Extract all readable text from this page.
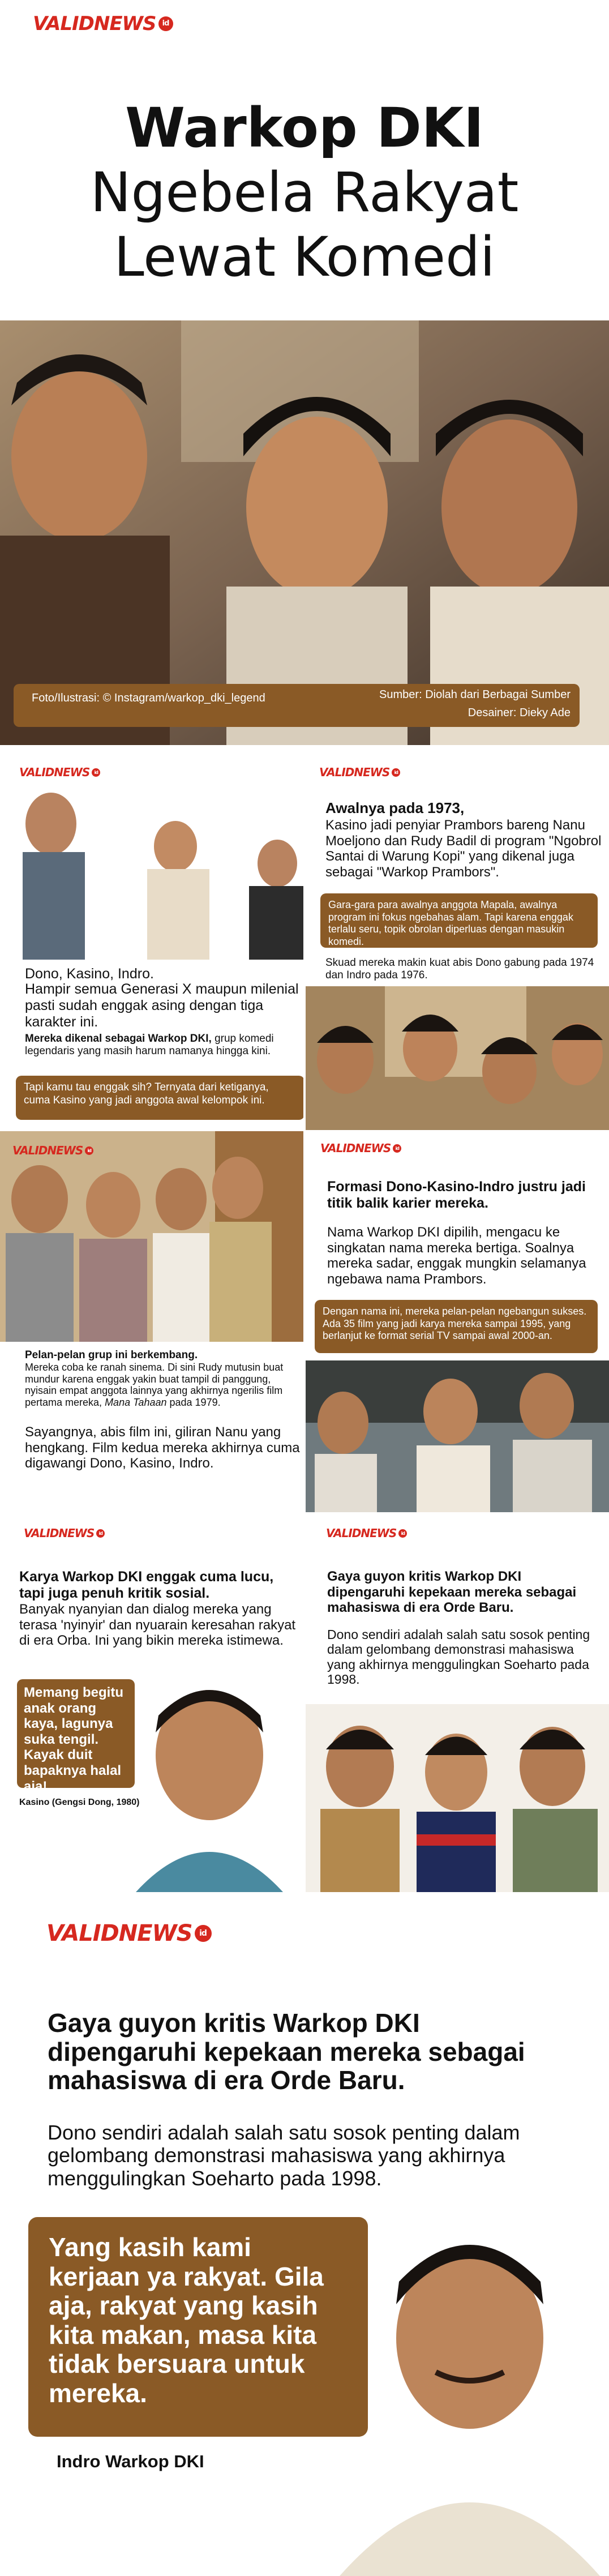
VALID NEWS id
Warkop DKI
Ngebela Rakyat
Lewat Komedi
Foto/Ilustrasi: © Instagram/warkop_dki_legend	Sumber: Diolah dari Berbagai Sumber
Desainer: Dieky Ade
VALID NEWS	id
Dono, Kasino, Indro.
Hampir semua Generasi X maupun milenial pasti sudah enggak asing dengan tiga karakter ini.
Mereka dikenal sebagai Warkop DKI, grup komedi legendaris yang masih harum namanya hingga kini.
Tapi kamu tau enggak sih? Ternyata dari ketiganya, cuma Kasino yang jadi anggota awal kelompok ini.
VALID NEWS	id
Awalnya pada 1973,
Kasino jadi penyiar Prambors bareng Nanu Moeljono dan Rudy Badil di program "Ngobrol Santai di Warung Kopi" yang dikenal juga sebagai "Warkop Prambors".
Gara-gara para awalnya anggota Mapala, awalnya program ini fokus ngebahas alam. Tapi karena enggak terlalu seru, topik obrolan diperluas dengan masukin komedi.
Skuad mereka makin kuat abis Dono gabung pada 1974 dan Indro pada 1976.
VALID NEWS	id
Pelan-pelan grup ini berkembang.
Mereka coba ke ranah sinema. Di sini Rudy mutusin buat mundur karena enggak yakin buat tampil di panggung, nyisain empat anggota lainnya yang akhirnya ngerilis film pertama mereka, Mana Tahaan pada 1979.
Sayangnya, abis film ini, giliran Nanu yang hengkang. Film kedua mereka akhirnya cuma digawangi Dono, Kasino, Indro.
VALID NEWS	id
Formasi Dono-Kasino-Indro justru jadi titik balik karier mereka.
Nama Warkop DKI dipilih, mengacu ke singkatan nama mereka bertiga. Soalnya mereka sadar, enggak mungkin selamanya ngebawa nama Prambors.
Dengan nama ini, mereka pelan-pelan ngebangun sukses. Ada 35 film yang jadi karya mereka sampai 1995, yang berlanjut ke format serial TV sampai awal 2000-an.
VALID NEWS	id
Karya Warkop DKI enggak cuma lucu, tapi juga penuh kritik sosial.
Banyak nyanyian dan dialog mereka yang terasa 'nyinyir' dan nyuarain keresahan rakyat di era Orba. Ini yang bikin mereka istimewa.
Memang begitu anak orang kaya, lagunya suka tengil. Kayak duit bapaknya halal aja!
Kasino (Gengsi Dong, 1980)
VALID NEWS	id
Gaya guyon kritis Warkop DKI dipengaruhi kepekaan mereka sebagai mahasiswa di era Orde Baru.
Dono sendiri adalah salah satu sosok penting dalam gelombang demonstrasi mahasiswa yang akhirnya menggulingkan Soeharto pada 1998.
VALID NEWS id
Gaya guyon kritis Warkop DKI dipengaruhi kepekaan mereka sebagai mahasiswa di era Orde Baru.
Dono sendiri adalah salah satu sosok penting dalam gelombang demonstrasi mahasiswa yang akhirnya menggulingkan Soeharto pada 1998.
Yang kasih kami kerjaan ya rakyat. Gila aja, rakyat yang kasih kita makan, masa kita tidak bersuara untuk mereka.
Indro Warkop DKI
